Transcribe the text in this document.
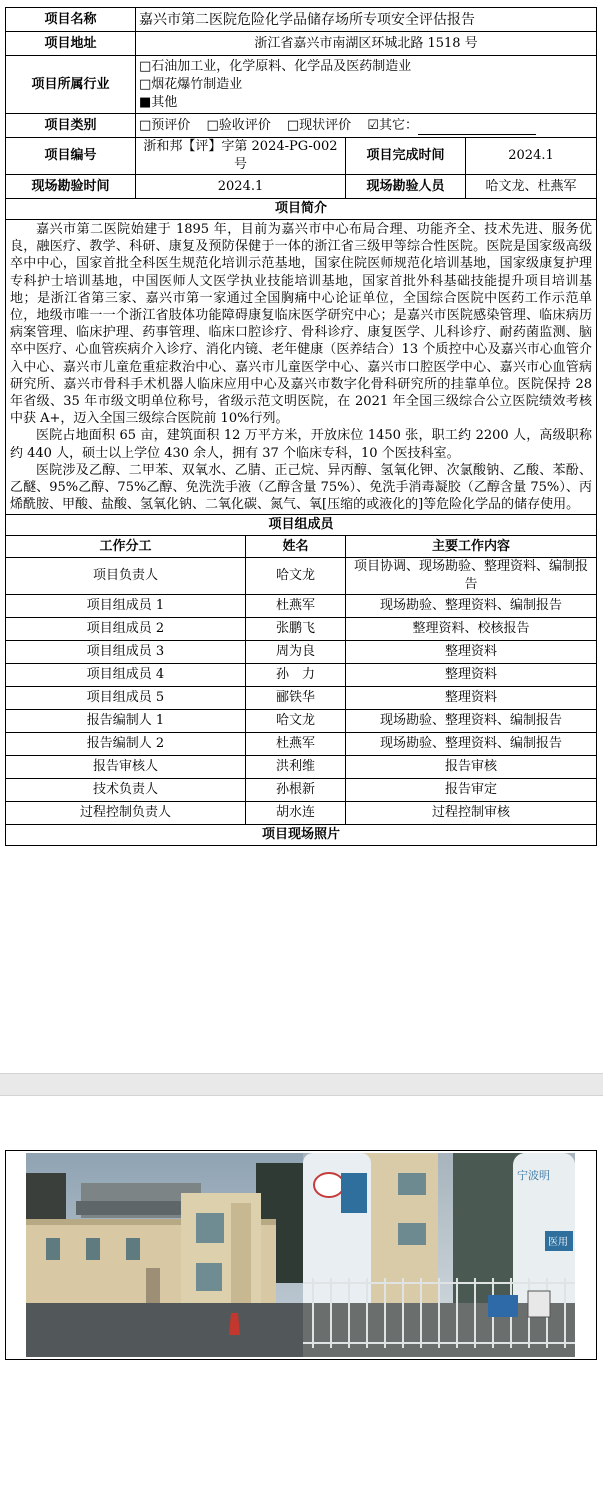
项目名称	嘉兴市第二医院危险化学品储存场所专项安全评估报告			
项目地址	浙江省嘉兴市南湖区环城北路 1518 号			
项目所属行业	□石油加工业，化学原料、化学品及医药制造业
□烟花爆竹制造业
■其他			

项目类别	□预评价 □验收评价 □现状评价 ☑其它：			
项目编号	浙和邦【评】字第 2024-PG-002 号		项目完成时间	2024.1
现场勘验时间	2024.1		现场勘验人员	哈文龙、杜燕军
项目简介				

嘉兴市第二医院始建于 1895 年，目前为嘉兴市中心布局合理、功能齐全、技术先进、服务优良，融医疗、教学、科研、康复及预防保健于一体的浙江省三级甲等综合性医院。医院是国家级高级卒中中心，国家首批全科医生规范化培训示范基地，国家住院医师规范化培训基地，国家级康复护理专科护士培训基地，中国医师人文医学执业技能培训基地，国家首批外科基础技能提升项目培训基地；是浙江省第三家、嘉兴市第一家通过全国胸痛中心论证单位，全国综合医院中医药工作示范单位，地级市唯一一个浙江省肢体功能障碍康复临床医学研究中心；是嘉兴市医院感染管理、临床病历病案管理、临床护理、药事管理、临床口腔诊疗、骨科诊疗、康复医学、儿科诊疗、耐药菌监测、脑卒中医疗、心血管疾病介入诊疗、消化内镜、老年健康（医养结合）13 个质控中心及嘉兴市心血管介入中心、嘉兴市儿童危重症救治中心、嘉兴市儿童医学中心、嘉兴市口腔医学中心、嘉兴市心血管病研究所、嘉兴市骨科手术机器人临床应用中心及嘉兴市数字化骨科研究所的挂靠单位。医院保持 28 年省级、35 年市级文明单位称号，省级示范文明医院，在 2021 年全国三级综合公立医院绩效考核中获 A+，迈入全国三级综合医院前 10%行列。

医院占地面积 65 亩，建筑面积 12 万平方米，开放床位 1450 张，职工约 2200 人，高级职称约 440 人，硕士以上学位 430 余人，拥有 37 个临床专科，10 个医技科室。

医院涉及乙醇、二甲苯、双氧水、乙腈、正己烷、异丙醇、氢氧化钾、次氯酸钠、乙酸、苯酚、乙醚、95%乙醇、75%乙醇、免洗洗手液（乙醇含量 75%）、免洗手消毒凝胶（乙醇含量 75%）、丙烯酰胺、甲酸、盐酸、氢氧化钠、二氧化碳、氮气、氧[压缩的或液化的]等危险化学品的储存使用。				

项目组成员				
工作分工		姓名	主要工作内容	
项目负责人		哈文龙	项目协调、现场勘验、整理资料、编制报告	
项目组成员 1		杜燕军	现场勘验、整理资料、编制报告	
项目组成员 2		张鹏飞	整理资料、校核报告	
项目组成员 3		周为良	整理资料	
项目组成员 4		孙　力	整理资料	
项目组成员 5		郦铁华	整理资料	
报告编制人 1		哈文龙	现场勘验、整理资料、编制报告	
报告编制人 2		杜燕军	现场勘验、整理资料、编制报告	
报告审核人		洪利维	报告审核	
技术负责人		孙根新	报告审定	
过程控制负责人		胡水连	过程控制审核	
项目现场照片				
宁波明
医用
